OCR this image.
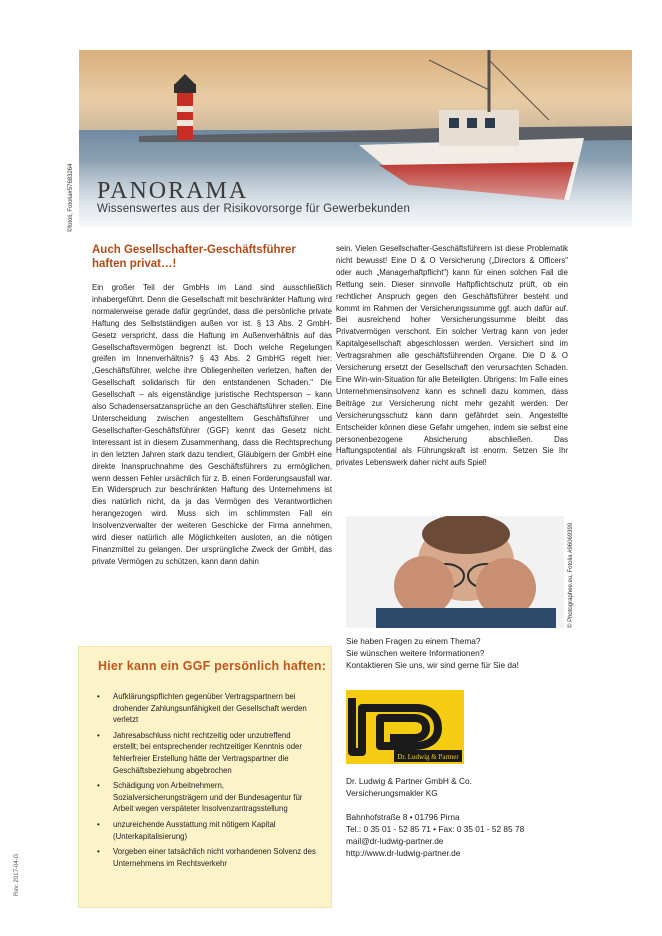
PANORAMA
Wissenswertes aus der Risikovorsorge für Gewerbekunden
©fotoli, Fotolia#57683264
Auch Gesellschafter-Geschäftsführer
haften privat…!

Ein großer Teil der GmbHs im Land sind ausschließlich inhabergeführt. Denn die Gesellschaft mit beschränkter Haftung wird normalerweise gerade dafür gegründet, dass die persönliche private Haftung des Selbstständigen außen vor ist. § 13 Abs. 2 GmbH-Gesetz verspricht, dass die Haftung im Außenverhältnis auf das Gesellschaftsvermögen begrenzt ist. Doch welche Regelungen greifen im Innenverhältnis? § 43 Abs. 2 GmbHG regelt hier: „Geschäftsführer, welche ihre Obliegenheiten verletzen, haften der Gesellschaft solidarisch für den entstandenen Schaden." Die Gesellschaft – als eigenständige juristische Rechtsperson – kann also Schadensersatzansprüche an den Geschäftsführer stellen. Eine Unterscheidung zwischen angestelltem Geschäftsführer und Gesellschafter-Geschäftsführer (GGF) kennt das Gesetz nicht. Interessant ist in diesem Zusammenhang, dass die Rechtsprechung in den letzten Jahren stark dazu tendiert, Gläubigern der GmbH eine direkte Inanspruchnahme des Geschäftsführers zu ermöglichen, wenn dessen Fehler ursächlich für z. B. einen Forderungsausfall war. Ein Widerspruch zur beschränkten Haftung des Unternehmens ist dies natürlich nicht, da ja das Vermögen des Verantwortlichen herangezogen wird. Muss sich im schlimmsten Fall ein Insolvenzverwalter der weiteren Geschicke der Firma annehmen, wird dieser natürlich alle Möglichkeiten ausloten, an die nötigen Finanzmittel zu gelangen. Der ursprüngliche Zweck der GmbH, das private Vermögen zu schützen, kann dann dahin

sein. Vielen Gesellschafter-Geschäftsführern ist diese Problematik nicht bewusst! Eine D & O Versicherung („Directors & Officers" oder auch „Managerhaftpflicht") kann für einen solchen Fall die Rettung sein. Dieser sinnvolle Haftpflichtschutz prüft, ob ein rechtlicher Anspruch gegen den Geschäftsführer besteht und kommt im Rahmen der Versicherungssumme ggf. auch dafür auf. Bei ausreichend hoher Versicherungssumme bleibt das Privatvermögen verschont. Ein solcher Vertrag kann von jeder Kapitalgesellschaft abgeschlossen werden. Versichert sind im Vertragsrahmen alle geschäftsführenden Organe. Die D & O Versicherung ersetzt der Gesellschaft den verursachten Schaden. Eine Win-win-Situation für alle Beteiligten. Übrigens: Im Falle eines Unternehmensinsolvenz kann es schnell dazu kommen, dass Beiträge zur Versicherung nicht mehr gezahlt werden. Der Versicherungsschutz kann dann gefährdet sein. Angestellte Entscheider können diese Gefahr umgehen, indem sie selbst eine personenbezogene Absicherung abschließen. Das Haftungspotential als Führungskraft ist enorm. Setzen Sie Ihr privates Lebenswerk daher nicht aufs Spiel!

© Photographee.eu, Fotolia #96069399
Hier kann ein GGF persönlich haften:
• Aufklärungspflichten gegenüber Vertragspartnern bei drohender Zahlungsunfähigkeit der Gesellschaft werden verletzt
• Jahresabschluss nicht rechtzeitig oder unzutreffend erstellt; bei entsprechender rechtzeitiger Kenntnis oder fehlerfreier Erstellung hätte der Vertragspartner die Geschäftsbeziehung abgebrochen
• Schädigung von Arbeitnehmern, Sozialversicherungsträgern und der Bundesagentur für Arbeit wegen verspäteter Insolvenzantragsstellung
• unzureichende Ausstattung mit nötigem Kapital (Unterkapitalisierung)
• Vorgeben einer tatsächlich nicht vorhandenen Solvenz des Unternehmens im Rechtsverkehr
Sie haben Fragen zu einem Thema?
Sie wünschen weitere Informationen?
Kontaktieren Sie uns, wir sind gerne für Sie da!
Dr. Ludwig & Partner
Dr. Ludwig & Partner GmbH & Co.
Versicherungsmakler KG
Bahnhofstraße 8 • 01796 Pirna
Tel.: 0 35 01 - 52 85 71 • Fax: 0 35 01 - 52 85 78
mail@dr-ludwig-partner.de
http://www.dr-ludwig-partner.de
Rev. 2017-04-G
